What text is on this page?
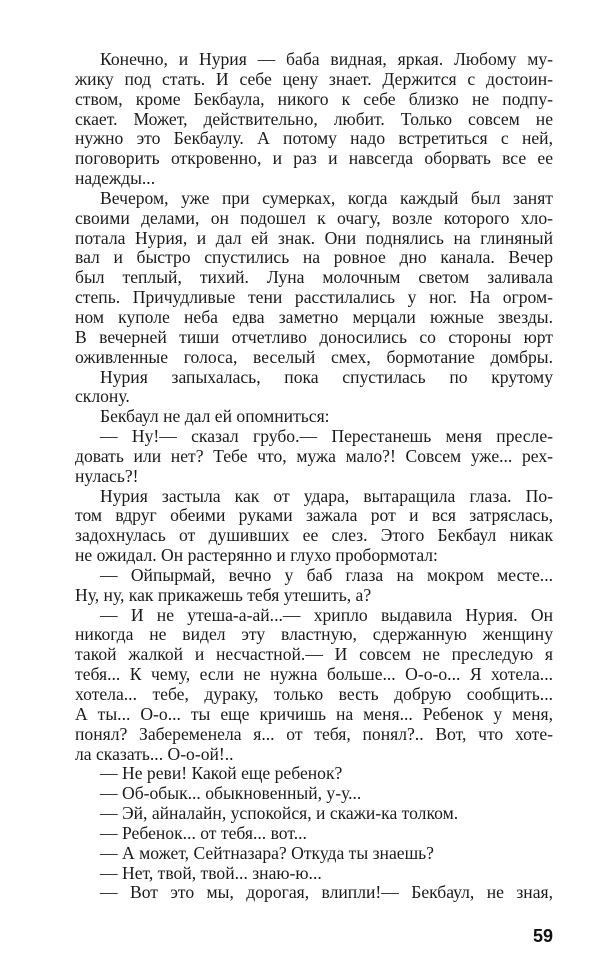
Конечно, и Нурия — баба видная, яркая. Любому му-
жику под стать. И себе цену знает. Держится с достоин-
ством, кроме Бекбаула, никого к себе близко не подпу-
скает. Может, действительно, любит. Только совсем не
нужно это Бекбаулу. А потому надо встретиться с ней,
поговорить откровенно, и раз и навсегда оборвать все ее
надежды...
Вечером, уже при сумерках, когда каждый был занят
своими делами, он подошел к очагу, возле которого хло-
потала Нурия, и дал ей знак. Они поднялись на глиняный
вал и быстро спустились на ровное дно канала. Вечер
был теплый, тихий. Луна молочным светом заливала
степь. Причудливые тени расстилались у ног. На огром-
ном куполе неба едва заметно мерцали южные звезды.
В вечерней тиши отчетливо доносились со стороны юрт
оживленные голоса, веселый смех, бормотание домбры.
Нурия запыхалась, пока спустилась по крутому
склону.
Бекбаул не дал ей опомниться:
— Ну!— сказал грубо.— Перестанешь меня пресле-
довать или нет? Тебе что, мужа мало?! Совсем уже... рех-
нулась?!
Нурия застыла как от удара, вытаращила глаза. По-
том вдруг обеими руками зажала рот и вся затряслась,
задохнулась от душивших ее слез. Этого Бекбаул никак
не ожидал. Он растерянно и глухо пробормотал:
— Ойпырмай, вечно у баб глаза на мокром месте...
Ну, ну, как прикажешь тебя утешить, а?
— И не утеша-а-ай...— хрипло выдавила Нурия. Он
никогда не видел эту властную, сдержанную женщину
такой жалкой и несчастной.— И совсем не преследую я
тебя... К чему, если не нужна больше... О-о-о... Я хотела...
хотела... тебе, дураку, только весть добрую сообщить...
А ты... О-о... ты еще кричишь на меня... Ребенок у меня,
понял? Забеременела я... от тебя, понял?.. Вот, что хоте-
ла сказать... О-о-ой!..
— Не реви! Какой еще ребенок?
— Об-обык... обыкновенный, у-у...
— Эй, айналайн, успокойся, и скажи-ка толком.
— Ребенок... от тебя... вот...
— А может, Сейтназара? Откуда ты знаешь?
— Нет, твой, твой... знаю-ю...
— Вот это мы, дорогая, влипли!— Бекбаул, не зная,
59
